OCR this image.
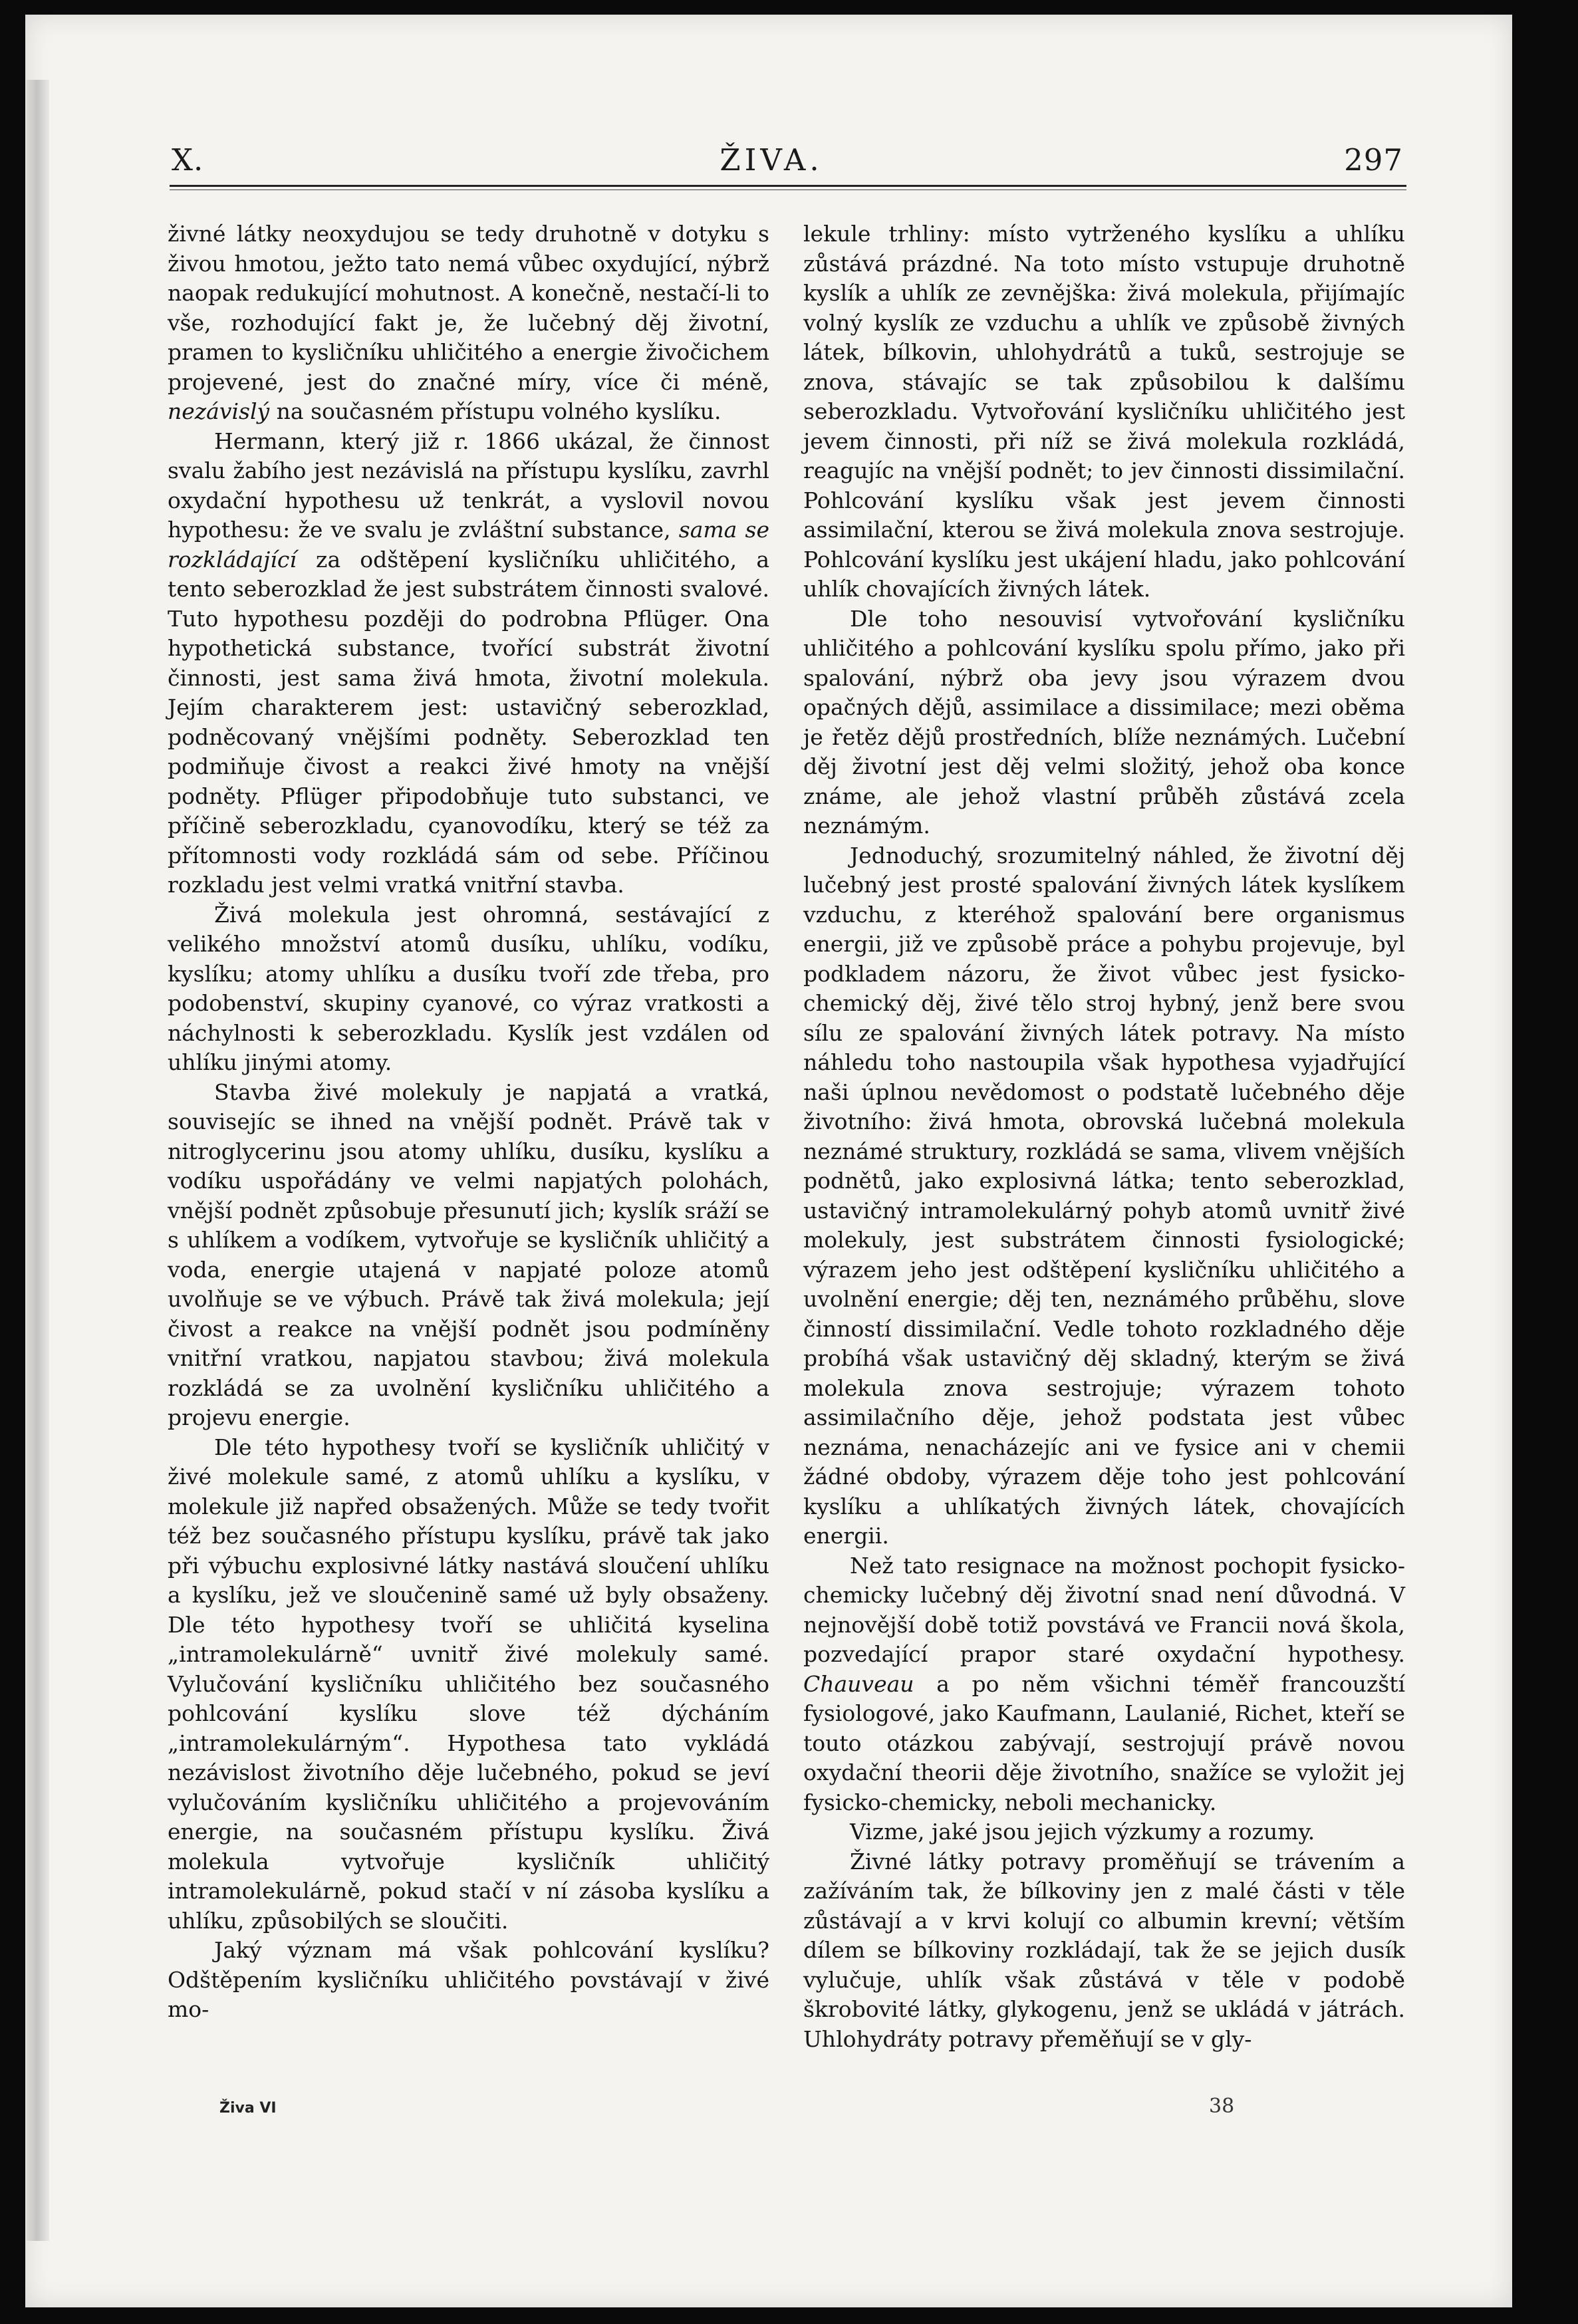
X.	ŽIVA.	297

živné látky neoxydujou se tedy druhotně v dotyku s živou hmotou, ježto tato nemá vůbec oxydující, nýbrž naopak redukující mohutnost. A konečně, nestačí-li to vše, rozhodující fakt je, že lučebný děj životní, pramen to kysličníku uhličitého a energie živočichem projevené, jest do značné míry, více či méně, nezávislý na současném přístupu volného kyslíku.

Hermann, který již r. 1866 ukázal, že činnost svalu žabího jest nezávislá na přístupu kyslíku, zavrhl oxydační hypothesu už tenkrát, a vyslovil novou hypothesu: že ve svalu je zvláštní substance, sama se rozkládající za odštěpení kysličníku uhličitého, a tento seberozklad že jest substrátem činnosti svalové. Tuto hypothesu později do podrobna Pflüger. Ona hypothetická substance, tvořící substrát životní činnosti, jest sama živá hmota, životní molekula. Jejím charakterem jest: ustavičný seberozklad, podněcovaný vnějšími podněty. Seberozklad ten podmiňuje čivost a reakci živé hmoty na vnější podněty. Pflüger připodobňuje tuto substanci, ve příčině seberozkladu, cyanovodíku, který se též za přítomnosti vody rozkládá sám od sebe. Příčinou rozkladu jest velmi vratká vnitřní stavba.

Živá molekula jest ohromná, sestávající z velikého množství atomů dusíku, uhlíku, vodíku, kyslíku; atomy uhlíku a dusíku tvoří zde třeba, pro podobenství, skupiny cyanové, co výraz vratkosti a náchylnosti k seberozkladu. Kyslík jest vzdálen od uhlíku jinými atomy.

Stavba živé molekuly je napjatá a vratká, souvisejíc se ihned na vnější podnět. Právě tak v nitroglycerinu jsou atomy uhlíku, dusíku, kyslíku a vodíku uspořádány ve velmi napjatých polohách, vnější podnět způsobuje přesunutí jich; kyslík sráží se s uhlíkem a vodíkem, vytvořuje se kysličník uhličitý a voda, energie utajená v napjaté poloze atomů uvolňuje se ve výbuch. Právě tak živá molekula; její čivost a reakce na vnější podnět jsou podmíněny vnitřní vratkou, napjatou stavbou; živá molekula rozkládá se za uvolnění kysličníku uhličitého a projevu energie.

Dle této hypothesy tvoří se kysličník uhličitý v živé molekule samé, z atomů uhlíku a kyslíku, v molekule již napřed obsažených. Může se tedy tvořit též bez současného přístupu kyslíku, právě tak jako při výbuchu explosivné látky nastává sloučení uhlíku a kyslíku, jež ve sloučenině samé už byly obsaženy. Dle této hypothesy tvoří se uhličitá kyselina „intramolekulárně“ uvnitř živé molekuly samé. Vylučování kysličníku uhličitého bez současného pohlcování kyslíku slove též dýcháním „intramolekulárným“. Hypothesa tato vykládá nezávislost životního děje lučebného, pokud se jeví vylučováním kysličníku uhličitého a projevováním energie, na současném přístupu kyslíku. Živá molekula vytvořuje kysličník uhličitý intramolekulárně, pokud stačí v ní zásoba kyslíku a uhlíku, způsobilých se sloučiti.

Jaký význam má však pohlcování kyslíku? Odštěpením kysličníku uhličitého povstávají v živé mo-

lekule trhliny: místo vytrženého kyslíku a uhlíku zůstává prázdné. Na toto místo vstupuje druhotně kyslík a uhlík ze zevnějška: živá molekula, přijímajíc volný kyslík ze vzduchu a uhlík ve způsobě živných látek, bílkovin, uhlohydrátů a tuků, sestrojuje se znova, stávajíc se tak způsobilou k dalšímu seberozkladu. Vytvořování kysličníku uhličitého jest jevem činnosti, při níž se živá molekula rozkládá, reagujíc na vnější podnět; to jev činnosti dissimilační. Pohlcování kyslíku však jest jevem činnosti assimilační, kterou se živá molekula znova sestrojuje. Pohlcování kyslíku jest ukájení hladu, jako pohlcování uhlík chovajících živných látek.

Dle toho nesouvisí vytvořování kysličníku uhličitého a pohlcování kyslíku spolu přímo, jako při spalování, nýbrž oba jevy jsou výrazem dvou opačných dějů, assimilace a dissimilace; mezi oběma je řetěz dějů prostředních, blíže neznámých. Lučební děj životní jest děj velmi složitý, jehož oba konce známe, ale jehož vlastní průběh zůstává zcela neznámým.

Jednoduchý, srozumitelný náhled, že životní děj lučebný jest prosté spalování živných látek kyslíkem vzduchu, z kteréhož spalování bere organismus energii, již ve způsobě práce a pohybu projevuje, byl podkladem názoru, že život vůbec jest fysicko-chemický děj, živé tělo stroj hybný, jenž bere svou sílu ze spalování živných látek potravy. Na místo náhledu toho nastoupila však hypothesa vyjadřující naši úplnou nevědomost o podstatě lučebného děje životního: živá hmota, obrovská lučebná molekula neznámé struktury, rozkládá se sama, vlivem vnějších podnětů, jako explosivná látka; tento seberozklad, ustavičný intramolekulárný pohyb atomů uvnitř živé molekuly, jest substrátem činnosti fysiologické; výrazem jeho jest odštěpení kysličníku uhličitého a uvolnění energie; děj ten, neznámého průběhu, slove činností dissimilační. Vedle tohoto rozkladného děje probíhá však ustavičný děj skladný, kterým se živá molekula znova sestrojuje; výrazem tohoto assimilačního děje, jehož podstata jest vůbec neznáma, nenacházejíc ani ve fysice ani v chemii žádné obdoby, výrazem děje toho jest pohlcování kyslíku a uhlíkatých živných látek, chovajících energii.

Než tato resignace na možnost pochopit fysicko-chemicky lučebný děj životní snad není důvodná. V nejnovější době totiž povstává ve Francii nová škola, pozvedající prapor staré oxydační hypothesy. Chauveau a po něm všichni téměř francouzští fysiologové, jako Kaufmann, Laulanié, Richet, kteří se touto otázkou zabývají, sestrojují právě novou oxydační theorii děje životního, snažíce se vyložit jej fysicko-chemicky, neboli mechanicky.

Vizme, jaké jsou jejich výzkumy a rozumy.

Živné látky potravy proměňují se trávením a zažíváním tak, že bílkoviny jen z malé části v těle zůstávají a v krvi kolují co albumin krevní; větším dílem se bílkoviny rozkládají, tak že se jejich dusík vylučuje, uhlík však zůstává v těle v podobě škrobovité látky, glykogenu, jenž se ukládá v játrách. Uhlohydráty potravy přeměňují se v gly-

Živa VI	38
